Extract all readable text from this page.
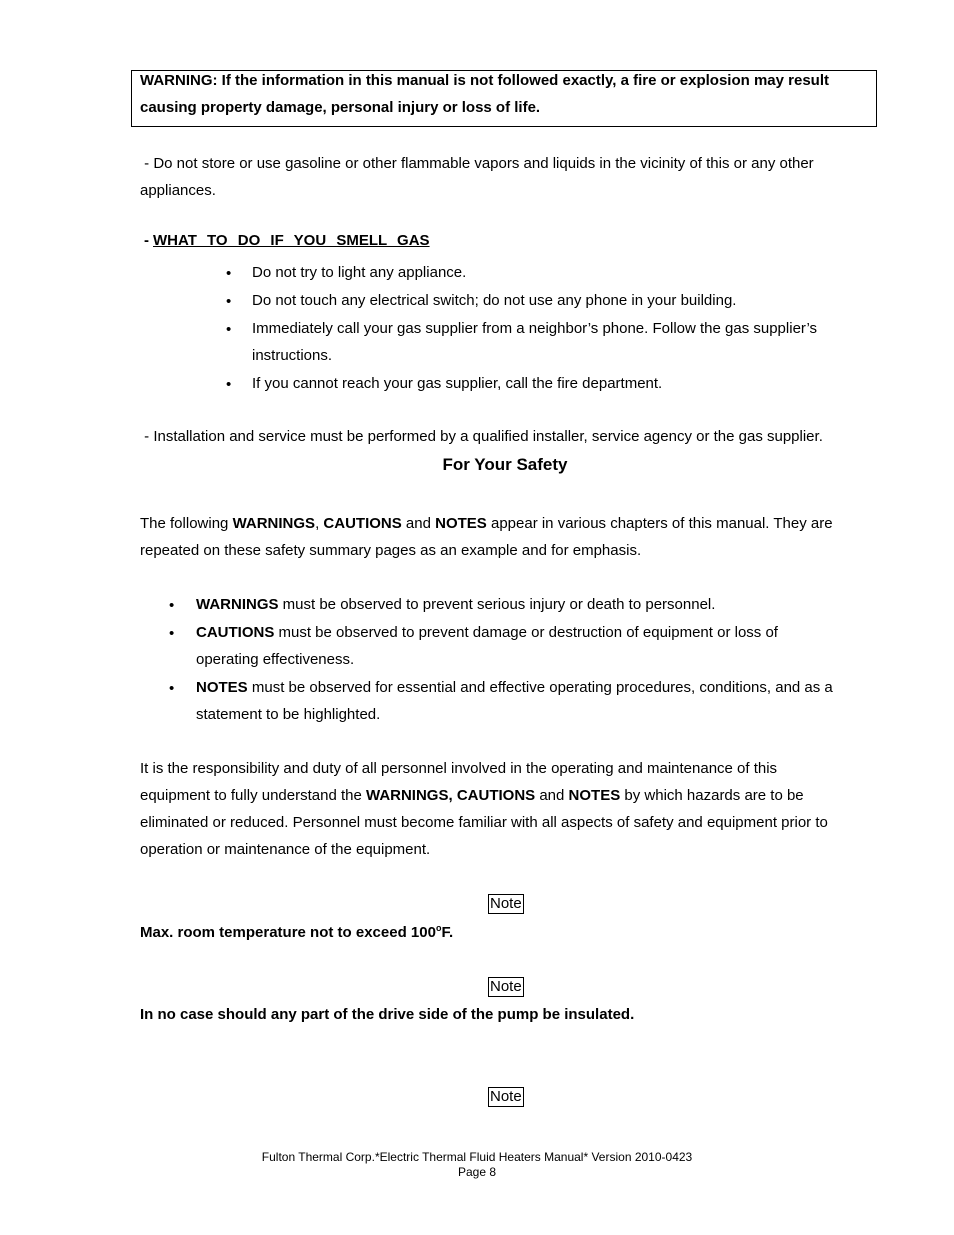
WARNING: If the information in this manual is not followed exactly, a fire or explosion may result
causing property damage, personal injury or loss of life.
- Do not store or use gasoline or other flammable vapors and liquids in the vicinity of this or any other
appliances.
- WHAT TO DO IF YOU SMELL GAS
• Do not try to light any appliance.
• Do not touch any electrical switch; do not use any phone in your building.
• Immediately call your gas supplier from a neighbor’s phone. Follow the gas supplier’s
instructions.
• If you cannot reach your gas supplier, call the fire department.
- Installation and service must be performed by a qualified installer, service agency or the gas supplier.
For Your Safety
The following WARNINGS, CAUTIONS and NOTES appear in various chapters of this manual. They are
repeated on these safety summary pages as an example and for emphasis.
• WARNINGS must be observed to prevent serious injury or death to personnel.
• CAUTIONS must be observed to prevent damage or destruction of equipment or loss of
operating effectiveness.
• NOTES must be observed for essential and effective operating procedures, conditions, and as a
statement to be highlighted.
It is the responsibility and duty of all personnel involved in the operating and maintenance of this
equipment to fully understand the WARNINGS, CAUTIONS and NOTES by which hazards are to be
eliminated or reduced. Personnel must become familiar with all aspects of safety and equipment prior to
operation or maintenance of the equipment.
Note
Max. room temperature not to exceed 100$^o$F.
Note
In no case should any part of the drive side of the pump be insulated.
Note
Fulton Thermal Corp.*Electric Thermal Fluid Heaters Manual* Version 2010-0423
Page 8
